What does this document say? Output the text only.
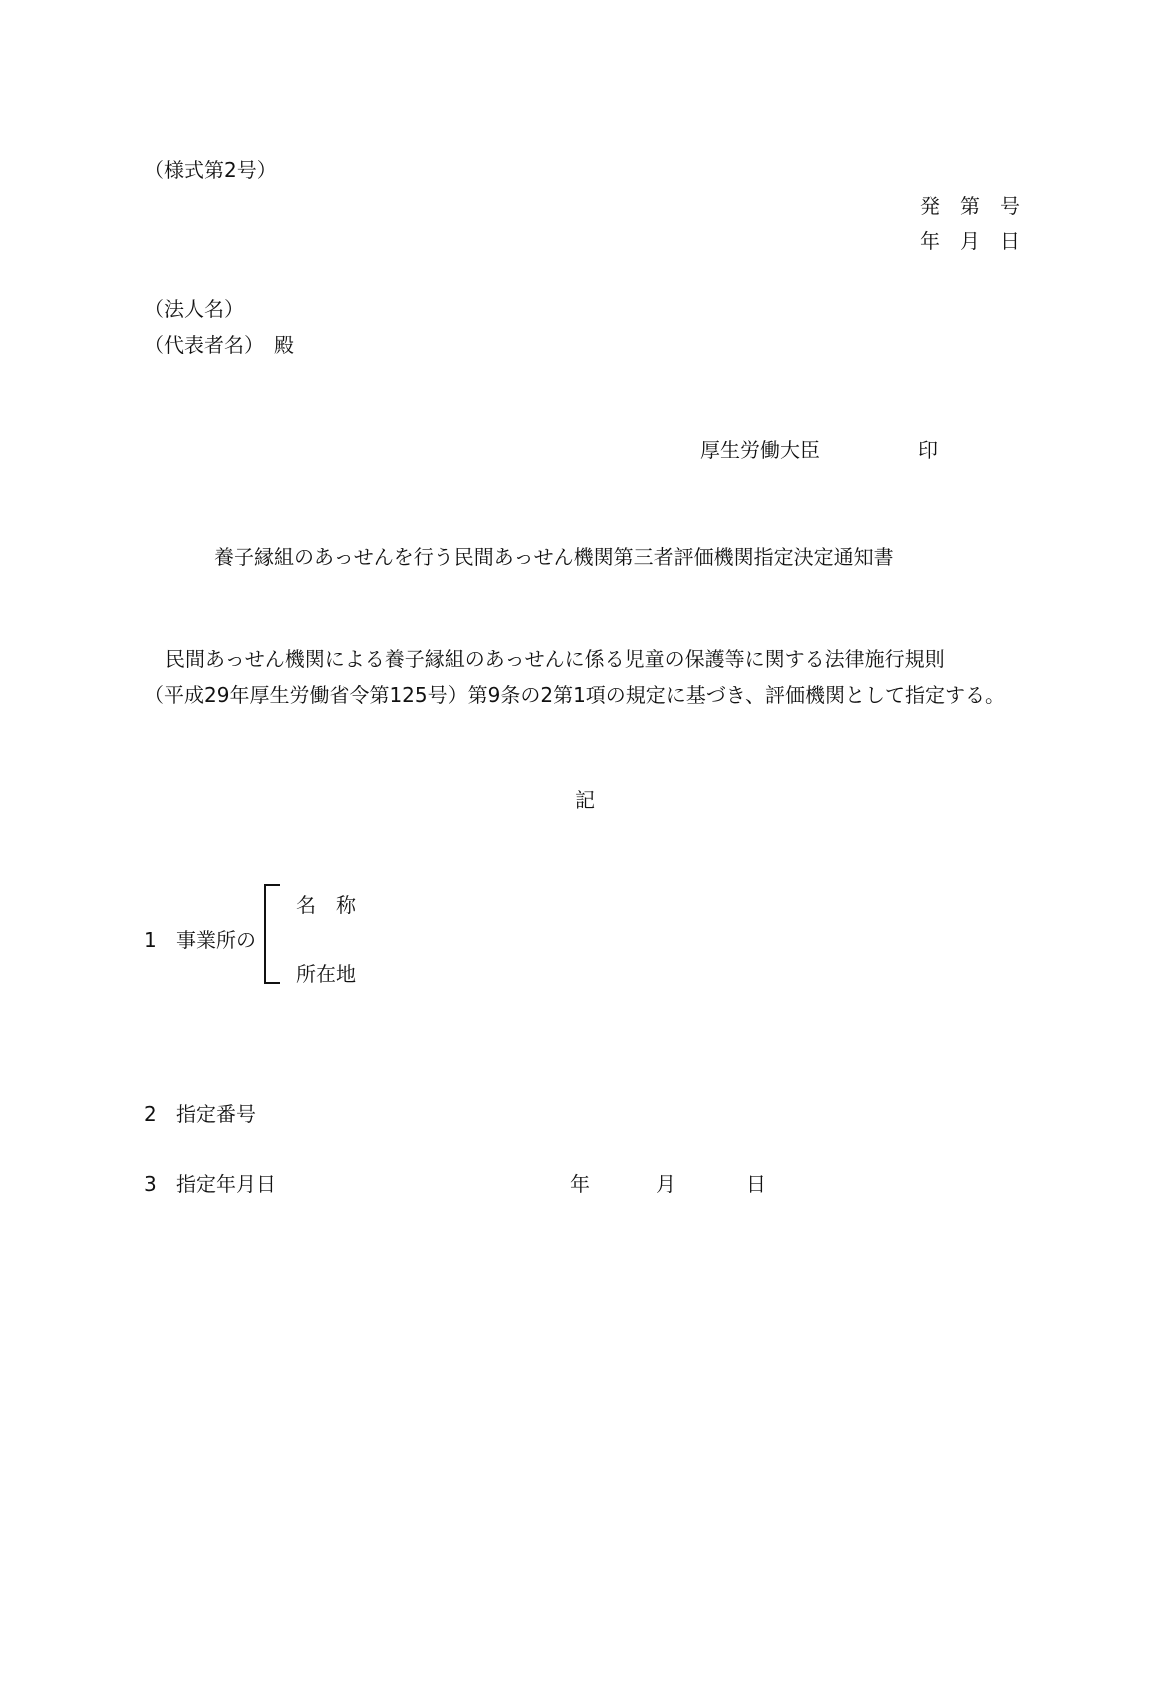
（様式第2号）
発　第　号
年　月　日
（法人名）
（代表者名）　殿
厚生労働大臣	印
養子縁組のあっせんを行う民間あっせん機関第三者評価機関指定決定通知書
民間あっせん機関による養子縁組のあっせんに係る児童の保護等に関する法律施行規則
（平成29年厚生労働省令第125号）第9条の2第1項の規定に基づき、評価機関として指定する。
記
1 事業所の
名　称
所在地
2 指定番号
3 指定年月日	年	月	日
